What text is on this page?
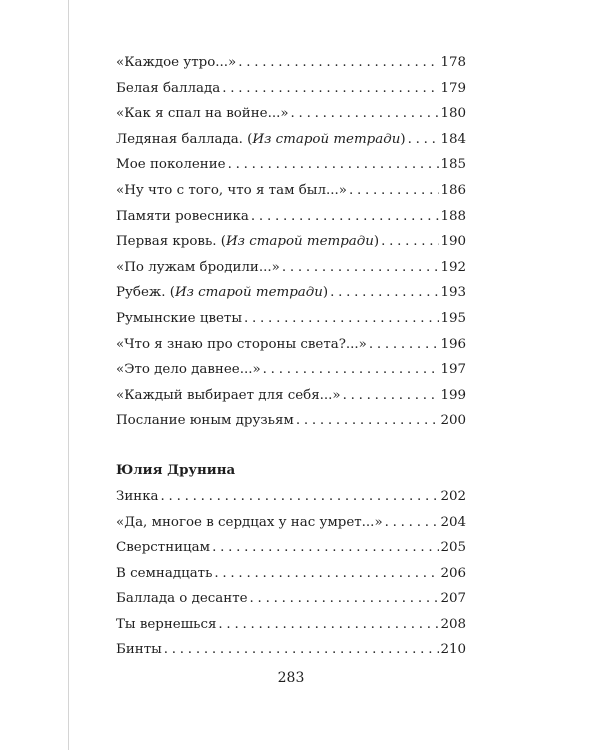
«Каждое утро...» . . .	178
Белая баллада . . .	179
«Как я спал на войне...» . . .	180
Ледяная баллада. (Из старой тетради) . . .	184
Мое поколение . . .	185
«Ну что с того, что я там был...» . . .	186
Памяти ровесника . . .	188
Первая кровь. (Из старой тетради) . . .	190
«По лужам бродили...» . . .	192
Рубеж. (Из старой тетради) . . .	193
Румынские цветы . . .	195
«Что я знаю про стороны света?...» . . .	196
«Это дело давнее...» . . .	197
«Каждый выбирает для себя...» . . .	199
Послание юным друзьям . . .	200
Юлия Друнина
Зинка . . .	202
«Да, многое в сердцах у нас умрет...» . . .	204
Сверстницам . . .	205
В семнадцать . . .	206
Баллада о десанте . . .	207
Ты вернешься . . .	208
Бинты . . .	210
283
